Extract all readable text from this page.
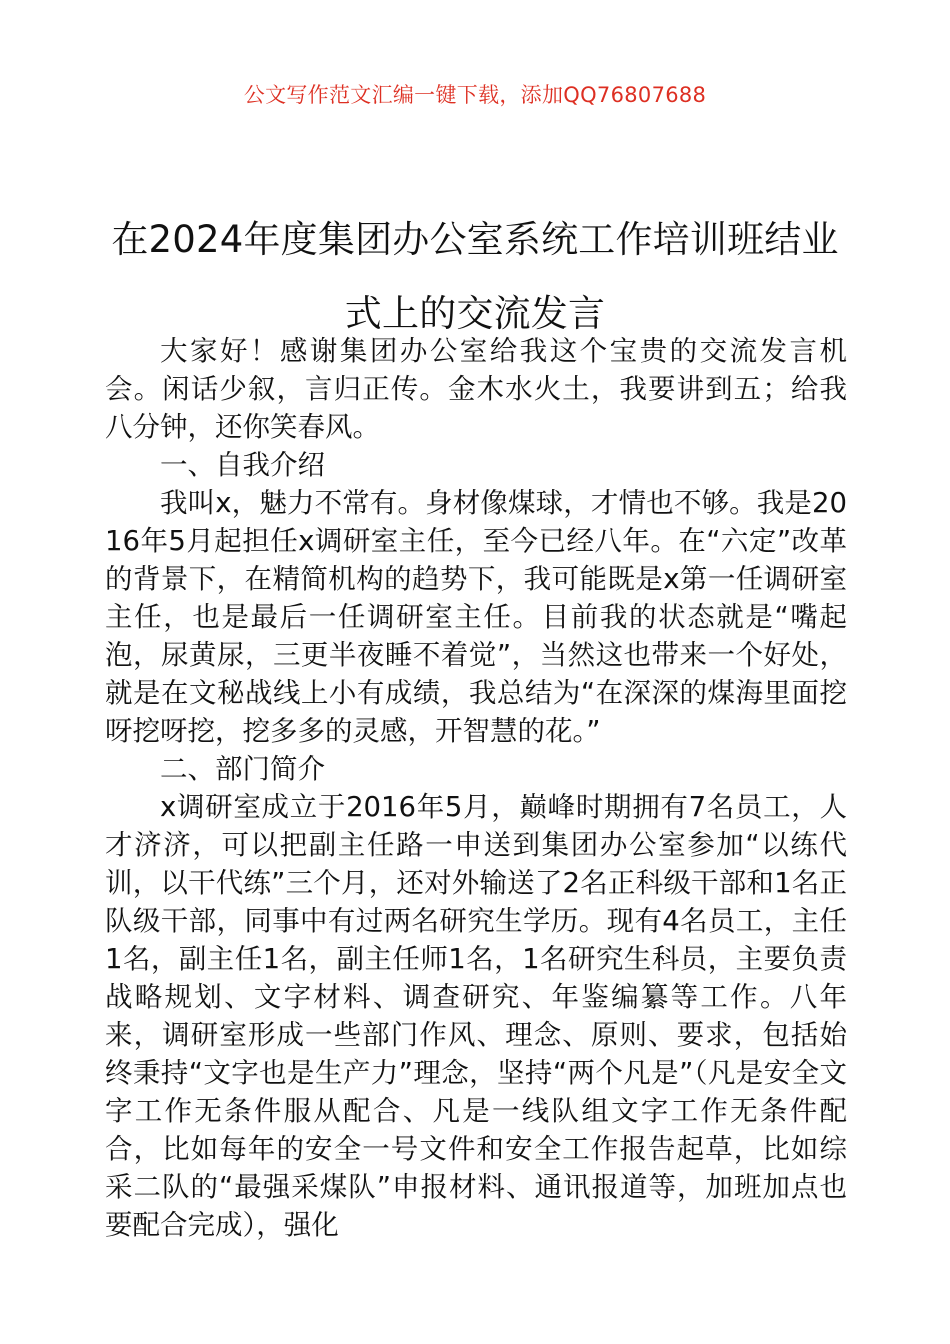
公文写作范文汇编一键下载，添加QQ76807688
在2024年度集团办公室系统工作培训班结业式上的交流发言

大家好！感谢集团办公室给我这个宝贵的交流发言机会。闲话少叙，言归正传。金木水火土，我要讲到五；给我八分钟，还你笑春风。

一、自我介绍

我叫x，魅力不常有。身材像煤球，才情也不够。我是2016年5月起担任x调研室主任，至今已经八年。在“六定”改革的背景下，在精简机构的趋势下，我可能既是x第一任调研室主任，也是最后一任调研室主任。目前我的状态就是“嘴起泡，尿黄尿，三更半夜睡不着觉”，当然这也带来一个好处，就是在文秘战线上小有成绩，我总结为“在深深的煤海里面挖呀挖呀挖，挖多多的灵感，开智慧的花。”

二、部门简介

x调研室成立于2016年5月，巅峰时期拥有7名员工，人才济济，可以把副主任路一申送到集团办公室参加“以练代训，以干代练”三个月，还对外输送了2名正科级干部和1名正队级干部，同事中有过两名研究生学历。现有4名员工，主任1名，副主任1名，副主任师1名，1名研究生科员，主要负责战略规划、文字材料、调查研究、年鉴编纂等工作。八年来，调研室形成一些部门作风、理念、原则、要求，包括始终秉持“文字也是生产力”理念，坚持“两个凡是”（凡是安全文字工作无条件服从配合、凡是一线队组文字工作无条件配合，比如每年的安全一号文件和安全工作报告起草，比如综采二队的“最强采煤队”申报材料、通讯报道等，加班加点也要配合完成），强化
